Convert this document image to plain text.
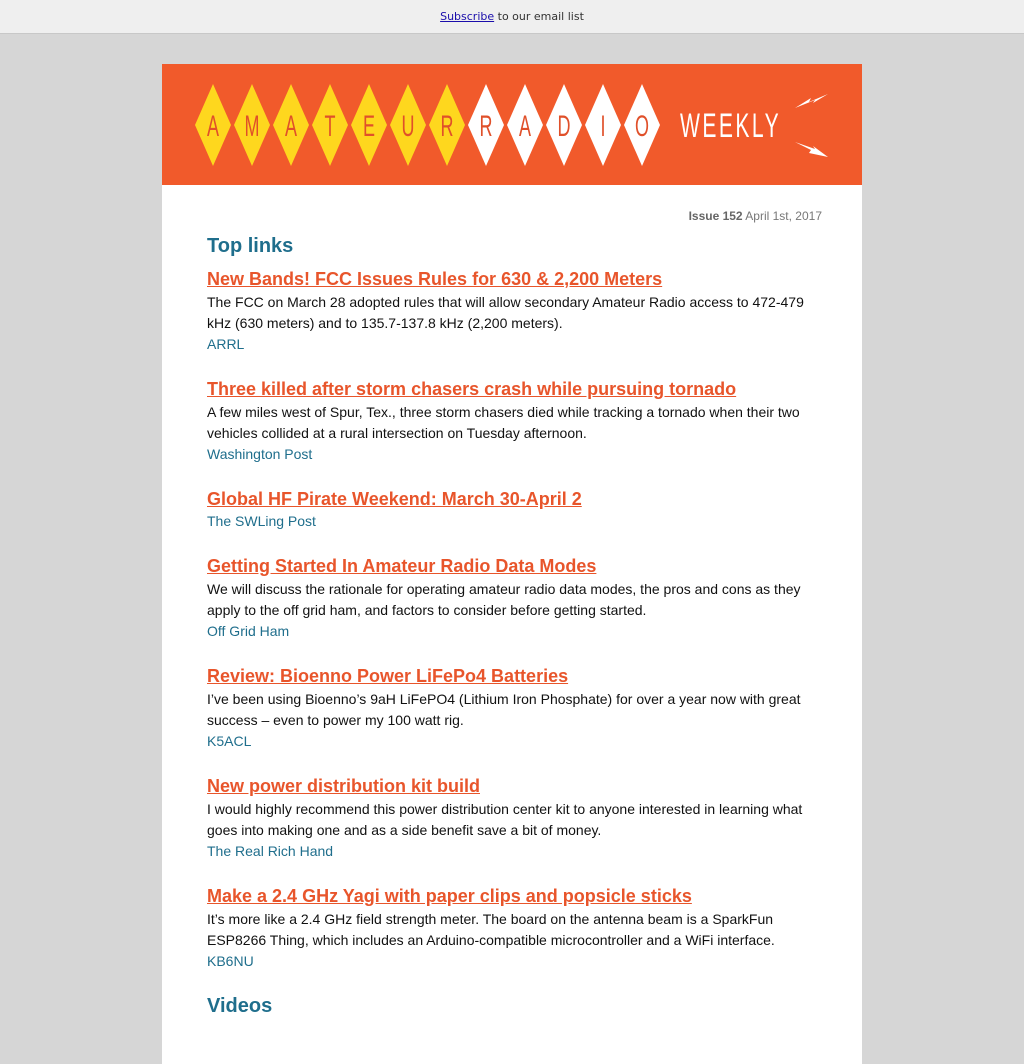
Subscribe to our email list
A M A T E U R R A D I O WEEKLY
Issue 152 April 1st, 2017
Top links
New Bands! FCC Issues Rules for 630 & 2,200 Meters
The FCC on March 28 adopted rules that will allow secondary Amateur Radio access to 472-479 kHz (630 meters) and to 135.7-137.8 kHz (2,200 meters).
ARRL
Three killed after storm chasers crash while pursuing tornado
A few miles west of Spur, Tex., three storm chasers died while tracking a tornado when their two vehicles collided at a rural intersection on Tuesday afternoon.
Washington Post
Global HF Pirate Weekend: March 30-April 2
The SWLing Post
Getting Started In Amateur Radio Data Modes
We will discuss the rationale for operating amateur radio data modes, the pros and cons as they apply to the off grid ham, and factors to consider before getting started.
Off Grid Ham
Review: Bioenno Power LiFePo4 Batteries
I’ve been using Bioenno’s 9aH LiFePO4 (Lithium Iron Phosphate) for over a year now with great success – even to power my 100 watt rig.
K5ACL
New power distribution kit build
I would highly recommend this power distribution center kit to anyone interested in learning what goes into making one and as a side benefit save a bit of money.
The Real Rich Hand
Make a 2.4 GHz Yagi with paper clips and popsicle sticks
It’s more like a 2.4 GHz field strength meter. The board on the antenna beam is a SparkFun ESP8266 Thing, which includes an Arduino-compatible microcontroller and a WiFi interface.
KB6NU
Videos
